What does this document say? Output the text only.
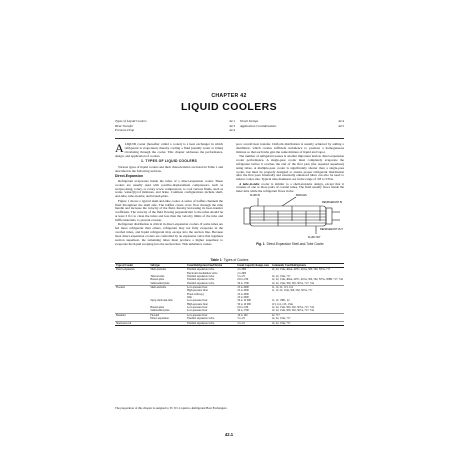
CHAPTER 42
LIQUID COOLERS
Types of Liquid Coolers	42.1
Heat Transfer	42.3
Pressure Drop	42.4
Vessel Design	42.4
Application Considerations	42.5

ALIQUID cooler (hereafter called a cooler) is a heat exchanger in which refrigerant is evaporated, thereby cooling a fluid (usually water or brine) circulating through the cooler. This chapter addresses the performance, design, and application of coolers.

1. TYPES OF LIQUID COOLERS

Various types of liquid coolers and their characteristics are listed in Table 1 and described in the following sections.

Direct-Expansion

Refrigerant evaporates inside the tubes of a direct-expansion cooler. These coolers are usually used with positive-displacement compressors, such as reciprocating, rotary, or rotary screw compressors, to cool various fluids, such as water, water/glycol mixtures, and brine. Common configurations include shell-and-tube, tube-in-tube, and brazed-plate.

Figure 1 shows a typical shell-and-tube cooler. A series of baffles channels the fluid throughout the shell side. The baffles create cross flow through the tube bundle and increase the velocity of the fluid, thereby increasing its heat-transfer coefficient. The velocity of the fluid flowing perpendicular to the tubes should be at least 2 ft/s to clean the tubes and less than the velocity limits of the tube and baffle materials, to prevent erosion.

Refrigerant distribution is critical in direct-expansion coolers. If some tubes are fed more refrigerant than others, refrigerant may not fully evaporate in the overfed tubes, and liquid refrigerant may escape into the suction line. Because most direct-expansion coolers are controlled by an expansion valve that regulates suction superheat, the remaining tubes must produce a higher superheat to evaporate the liquid escaping into the suction line. This unbalance causes

poor overall heat transfer. Uniform distribution is usually achieved by adding a distributor, which creates sufficient turbulence to promote a homogeneous mixture so that each tube gets the same mixture of liquid and vapor.

The number of refrigerant passes is another important item in direct-expansion cooler performance. A single-pass cooler must completely evaporate the refrigerant before it reaches the end of the first pass (the required superheat) using tubes. A multiple-pass cooler is significantly shorter than a single-pass cooler, but must be properly designed to ensure proper refrigerant distribution after the first pass. Internally and externally enhanced tubes can also be used to reduce cooler size. Typical tube diameters are in the range of 3/8 to 5/8 in.

A tube-in-tube cooler is similar to a shell-and-tube design, except that it consists of one or more pairs of coaxial tubes. The fluid usually flows inside the inner tube while the refrigerant flows in the

BAFFLES
FLUID IN
FLUID OUT
REFRIGERANT IN
REFRIGERANT OUT
Fig. 1 Direct-Expansion Shell-and-Tube Cooler
Table 1 Types of Coolers
Type of Cooler	Subtype	Usual Refrigerant Feed Device	Usual Capacity Range, tons	Commonly Used Refrigerants
Direct-expansion	Shell-and-tube	Thermal expansion valve	2 to 800	12, 22, 134a, 404A, 407C, 410A, 500, 502, 507A, 717
		Electronic modulation valve	2 to 800	
	Tube-in-tube	Thermal expansion valve	5 to 25	12, 22, 134a, 717
	Brazed-plate	Thermal expansion valve	0.6 to 180	12, 22, 134a, 404A, 407C, 410A, 500, 502, 507A, 508B, 717, 744
	Semiwelded plate	Thermal expansion valve	50 to 1700	12, 22, 134a, 500, 502, 507A, 717, 744
Flooded	Shell-and-tube	Low-pressure float	25 to 2000	11, 12, 22, 113, 114
		High-pressure float	25 to 2000	11, 12, 22, 134a, 500, 502, 507A, 717
		Fixed orifice(s)	25 to 2000	
		Weir	25 to 2000	
	Spray shell-and-tube	Low-pressure float	50 to 10 000	11, 12, 13B1, 22
		High-pressure float	50 to 10 000	113, 114, 123, 134a
	Brazed-plate	Low-pressure float	0.6 to 180	12, 22, 134a, 500, 502, 507A, 717, 744
	Semiwelded plate	Low-pressure float	50 to 1700	12, 22, 134a, 500, 502, 507A, 717, 744
Baudelot	Flooded	Low-pressure float	10 to 100	22, 717
	Direct-expansion	Thermal expansion valve	5 to 25	12, 22, 134a, 717
Shell-and-coil		Thermal expansion valve	2 to 10	12, 22, 134a, 717
The preparation of this chapter is assigned to TC 8.5, Liquid-to-Refrigerant Heat Exchangers.
42.1
